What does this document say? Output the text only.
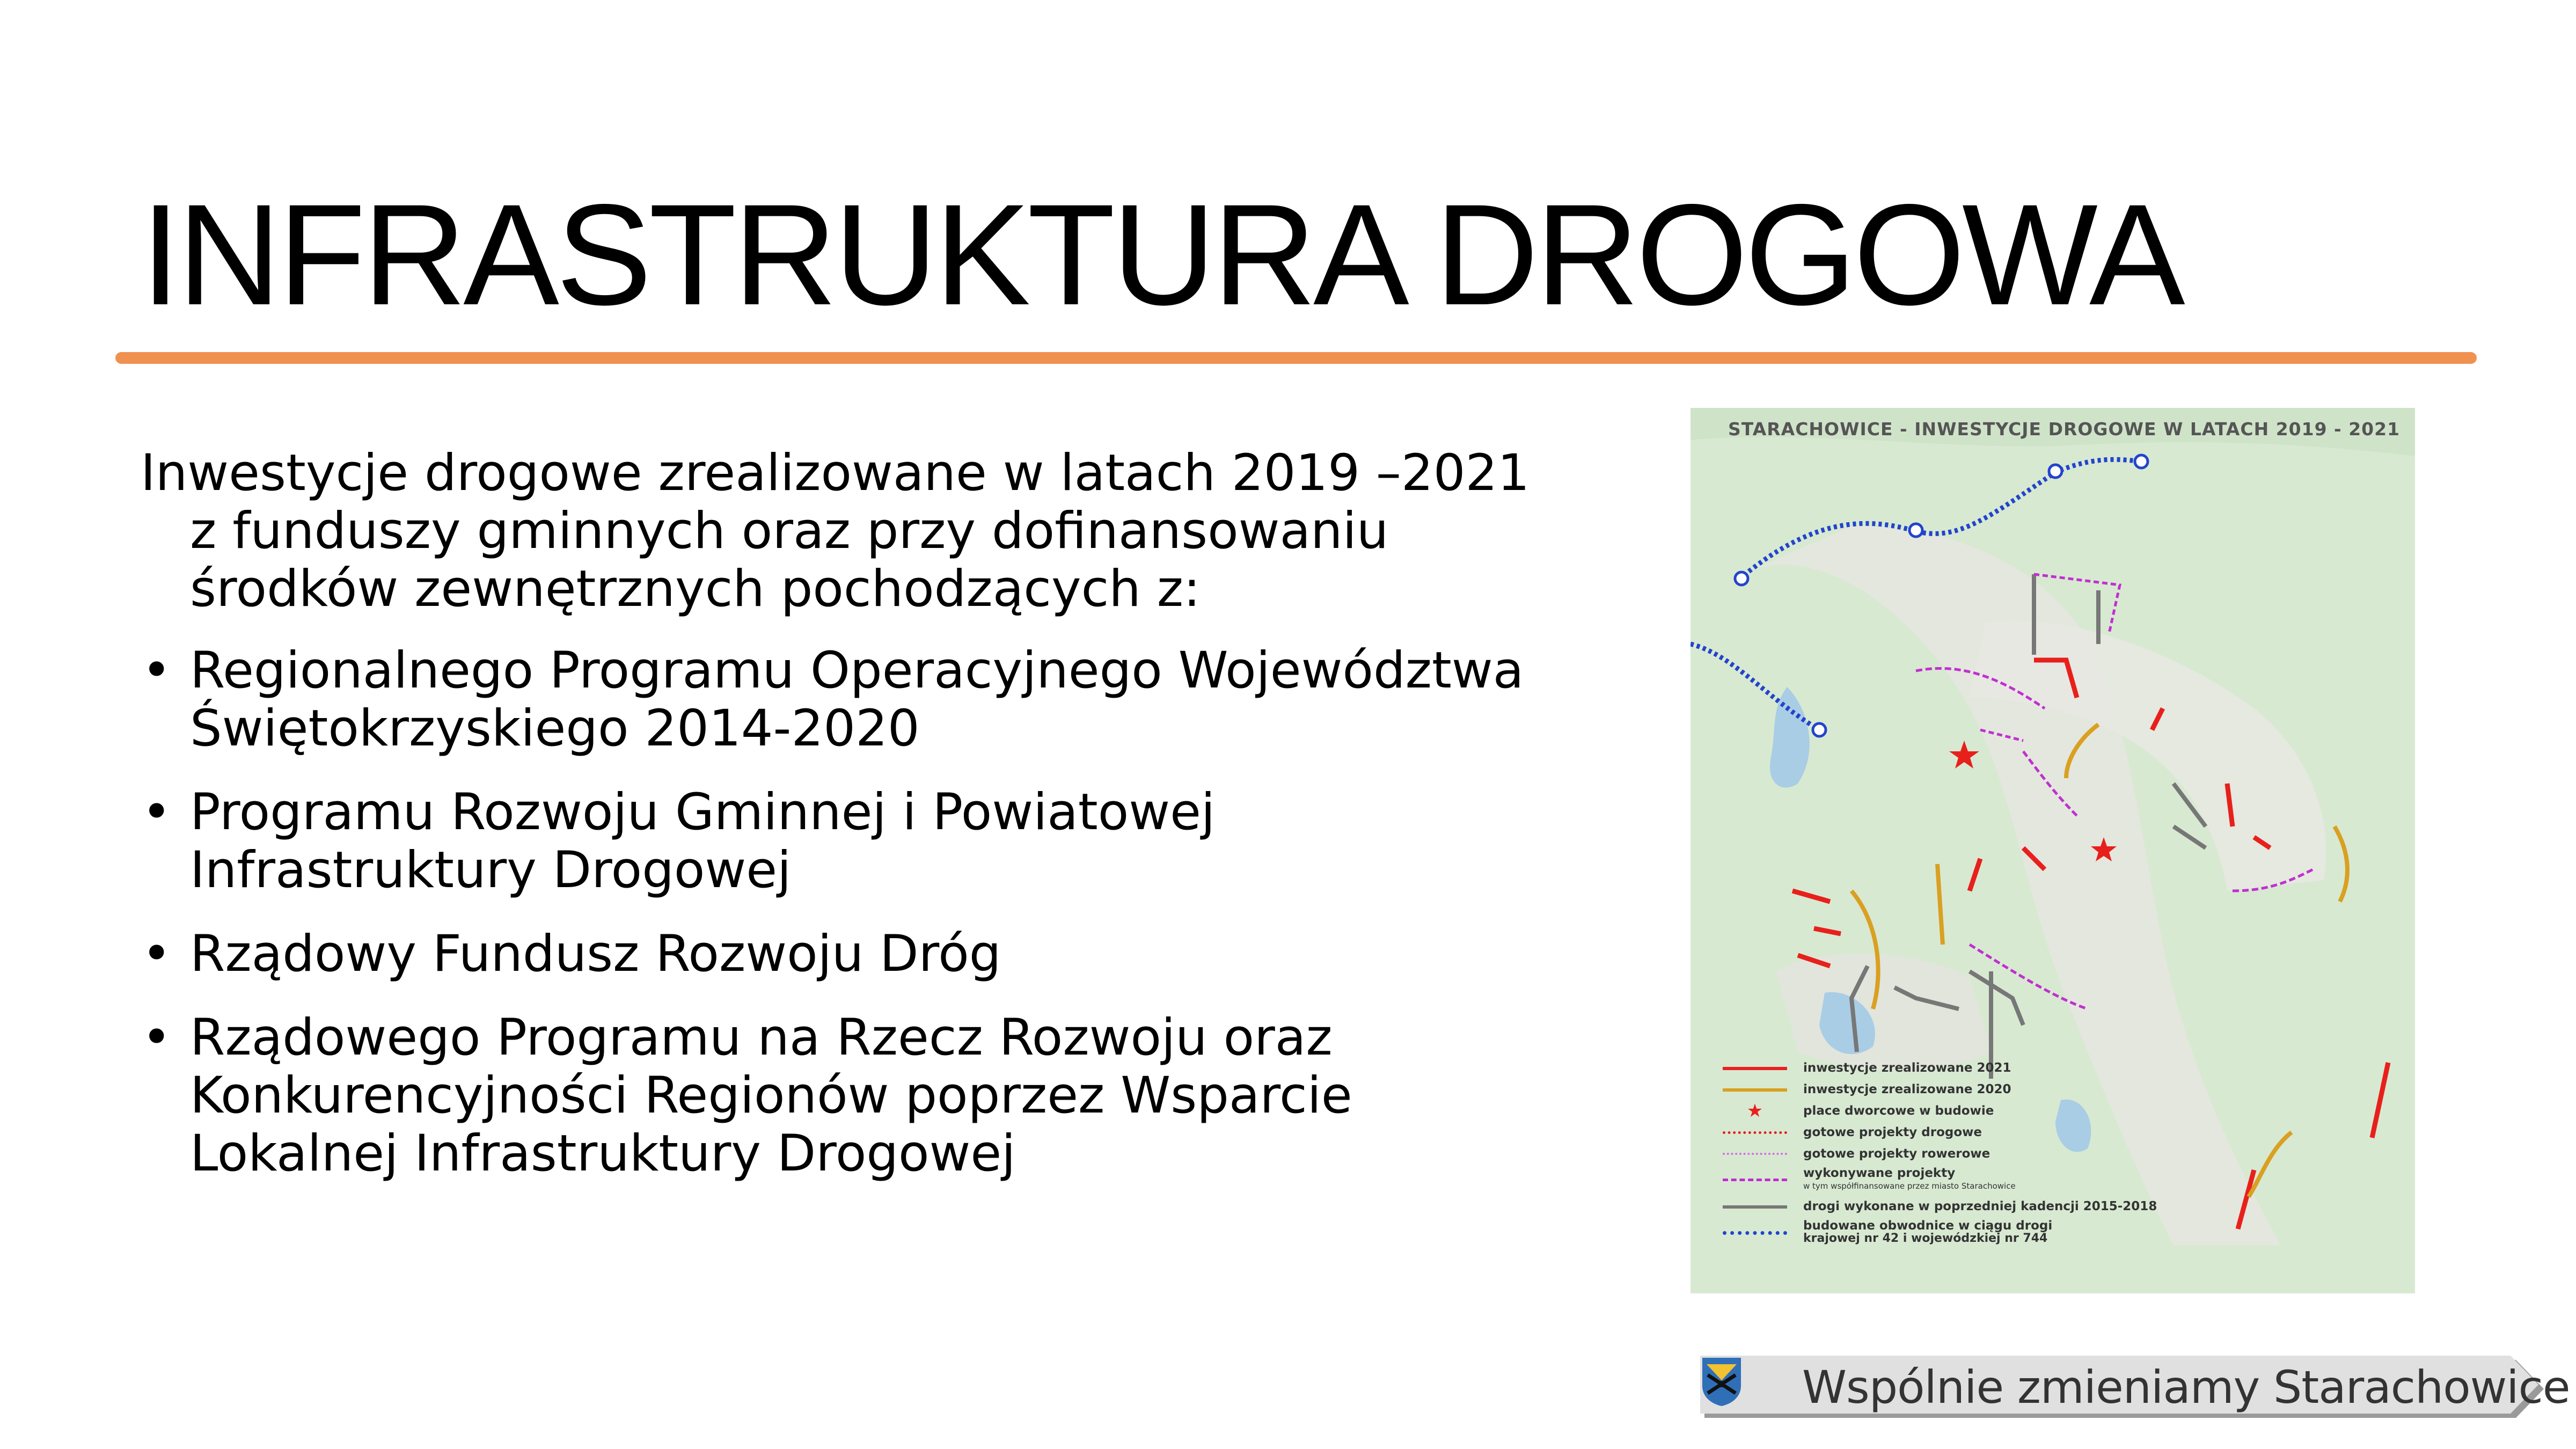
INFRASTRUKTURA DROGOWA

Inwestycje drogowe zrealizowane w latach 2019 –2021 z funduszy gminnych oraz przy dofinansowaniu środków zewnętrznych pochodzących z:

• Regionalnego Programu Operacyjnego Województwa Świętokrzyskiego 2014-2020
• Programu Rozwoju Gminnej i Powiatowej Infrastruktury Drogowej
• Rządowy Fundusz Rozwoju Dróg
• Rządowego Programu na Rzecz Rozwoju oraz Konkurencyjności Regionów poprzez Wsparcie Lokalnej Infrastruktury Drogowej
STARACHOWICE - INWESTYCJE DROGOWE W LATACH 2019 - 2021
inwestycje zrealizowane 2021
inwestycje zrealizowane 2020
★	place dworcowe w budowie
gotowe projekty drogowe
gotowe projekty rowerowe
wykonywane projekty
w tym współfinansowane przez miasto Starachowice
drogi wykonane w poprzedniej kadencji 2015-2018
budowane obwodnice w ciągu drogi
krajowej nr 42 i wojewódzkiej nr 744
Wspólnie zmieniamy Starachowice
